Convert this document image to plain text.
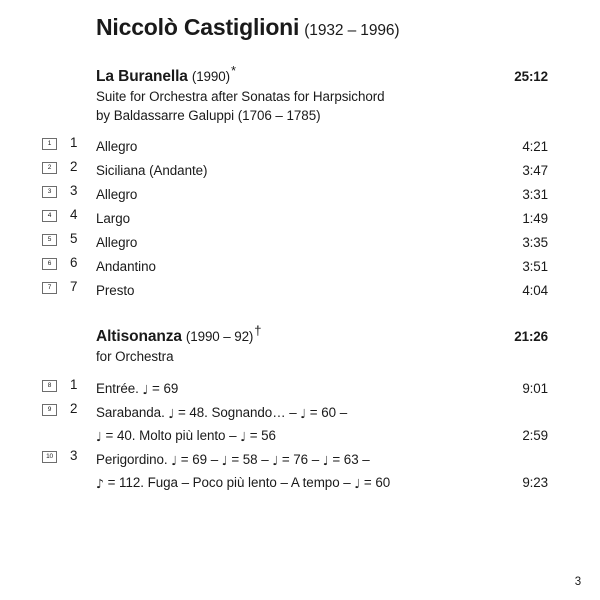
Niccolò Castiglioni (1932 – 1996)
La Buranella (1990)*	25:12
Suite for Orchestra after Sonatas for Harpsichord
by Baldassarre Galuppi (1706 – 1785)
1	1	Allegro	4:21
2	2	Siciliana (Andante)	3:47
3	3	Allegro	3:31
4	4	Largo	1:49
5	5	Allegro	3:35
6	6	Andantino	3:51
7	7	Presto	4:04
Altisonanza (1990 – 92)†	21:26
for Orchestra
8	1	Entrée. ♩ = 69	9:01
9	2	Sarabanda. ♩ = 48. Sognando… – ♩ = 60 –
♩ = 40. Molto più lento – ♩ = 56	2:59
10	3	Perigordino. ♩ = 69 – ♩ = 58 – ♩ = 76 – ♩ = 63 –
♪ = 112. Fuga – Poco più lento – A tempo – ♩ = 60	9:23
3
